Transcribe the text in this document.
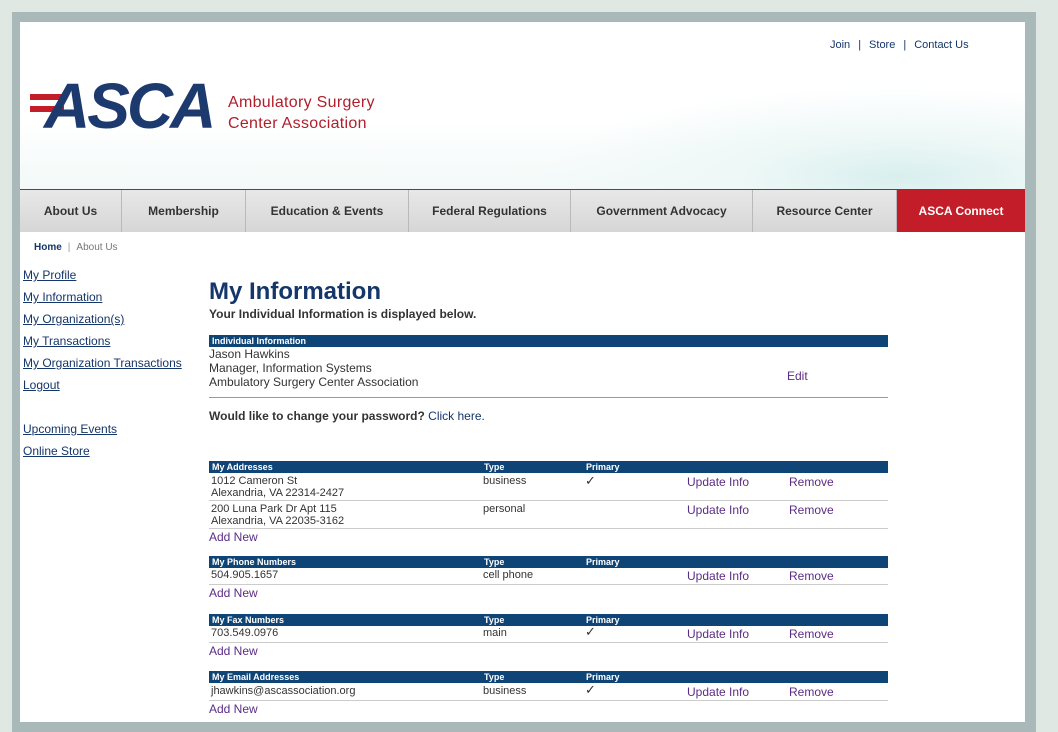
Join | Store | Contact Us
ASCA Ambulatory Surgery
Center Association
About Us	Membership	Education & Events	Federal Regulations	Government Advocacy	Resource Center	ASCA Connect
Home | About Us
My Profile
My Information
My Organization(s)
My Transactions
My Organization Transactions
Logout
Upcoming Events
Online Store
My Information
Your Individual Information is displayed below.
Individual Information
Jason Hawkins
Manager, Information Systems
Ambulatory Surgery Center Association	Edit
Would like to change your password? Click here.
My Addresses	Type	Primary
1012 Cameron St
Alexandria, VA 22314-2427
business	✓	Update Info	Remove
200 Luna Park Dr Apt 115
Alexandria, VA 22035-3162
personal	Update Info	Remove
Add New
My Phone Numbers	Type	Primary
504.905.1657	cell phone	Update Info	Remove
Add New
My Fax Numbers	Type	Primary
703.549.0976	main	✓	Update Info	Remove
Add New
My Email Addresses	Type	Primary
jhawkins@ascassociation.org	business	✓	Update Info	Remove
Add New
